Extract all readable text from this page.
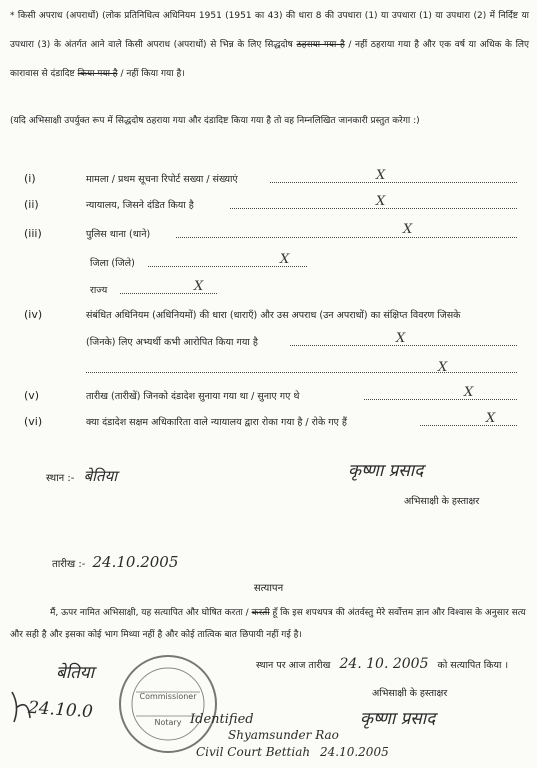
* किसी अपराध (अपराधों) (लोक प्रतिनिधित्व अधिनियम 1951 (1951 का 43) की धारा 8 की उपधारा (1) या उपधारा (1) या उपधारा (2) में निर्दिष्ट या उपधारा (3) के अंतर्गत आने वाले किसी अपराध (अपराधों) से भिन्न के लिए सिद्धदोष ठहराया गया है / नहीं ठहराया गया है और एक वर्ष या अधिक के लिए कारावास से दंडादिष्ट किया गया है / नहीं किया गया है।
(यदि अभिसाक्षी उपर्युक्त रूप में सिद्धदोष ठहराया गया और दंडादिष्ट किया गया है तो वह निम्नलिखित जानकारी प्रस्तुत करेगा :)
(i)	मामला / प्रथम सूचना रिपोर्ट सख्या / संख्याएं	X
(ii)	न्यायालय, जिसने दंडित किया है	X
(iii)	पुलिस थाना (थाने)	X
जिला (जिले)	X
राज्य	X
(iv)	संबंधित अधिनियम (अधिनियमों) की धारा (धाराएँ) और उस अपराध (उन अपराधों) का संक्षिप्त विवरण जिसके
(जिनके) लिए अभ्यर्थी कभी आरोपित किया गया है	X
X
(v)	तारीख (तारीखें) जिनको दंडादेश सुनाया गया था / सुनाए गए थे	X
(vi)	क्या दंडादेश सक्षम अधिकारिता वाले न्यायालय द्वारा रोका गया है / रोके गए हैं	X
स्थान :- बेतिया	कृष्णा प्रसाद
अभिसाक्षी के हस्ताक्षर
तारीख :- 24.10.2005
सत्यापन
मैं, ऊपर नामित अभिसाक्षी, यह सत्यापित और घोषित करता / करती हूँ कि इस शपथपत्र की अंतर्वस्तु मेरे सर्वोत्तम ज्ञान और विश्वास के अनुसार सत्य और सही है और इसका कोई भाग मिथ्या नहीं है और कोई तात्विक बात छिपायी नहीं गई है।
स्थान पर आज तारीख 24. 10. 2005 को सत्यापित किया ।
बेतिया
Commissioner
Notary
अभिसाक्षी के हस्ताक्षर
24.10.0	Identified
Shyamsunder Rao
Civil Court Bettiah 24.10.2005
कृष्णा प्रसाद
